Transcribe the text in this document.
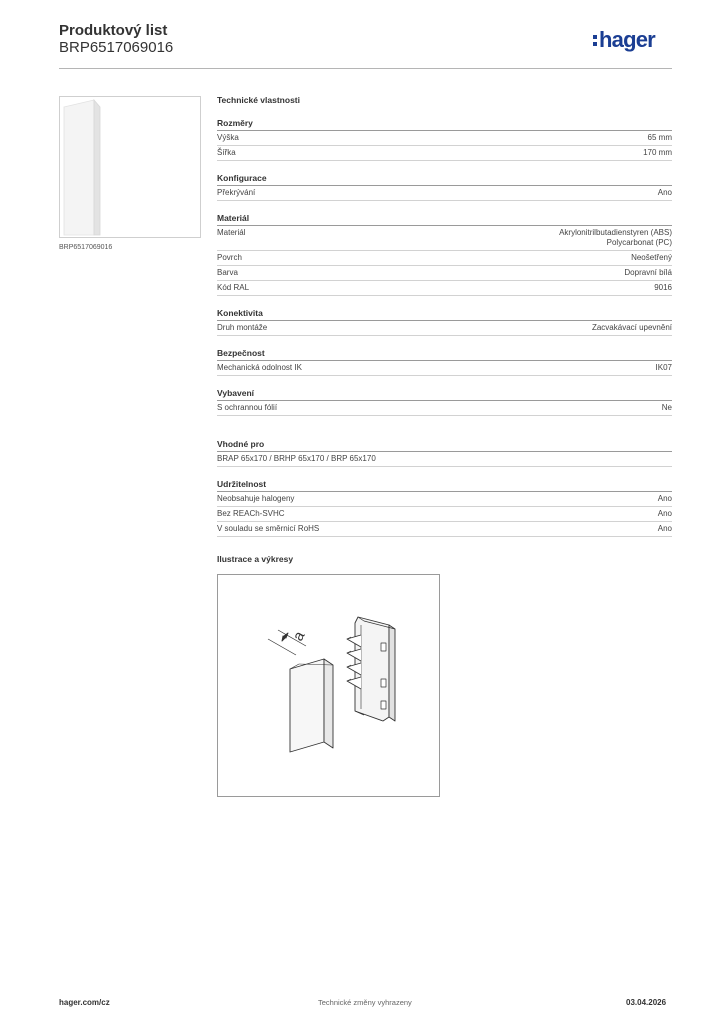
Produktový list
BRP6517069016	hager
BRP6517069016
Technické vlastnosti
Rozměry
Výška	65 mm
Šířka	170 mm
Konfigurace
Překrývání	Ano
Materiál
Materiál	Akrylonitrilbutadienstyren (ABS)
Polycarbonat (PC)
Povrch	Neošetřený
Barva	Dopravní bílá
Kód RAL	9016
Konektivita
Druh montáže	Zacvakávací upevnění
Bezpečnost
Mechanická odolnost IK	IK07
Vybavení
S ochrannou fólií	Ne
Vhodné pro
BRAP 65x170 / BRHP 65x170 / BRP 65x170
Udržitelnost
Neobsahuje halogeny	Ano
Bez REACh-SVHC	Ano
V souladu se směrnicí RoHS	Ano
Ilustrace a výkresy
a
hager.com/cz	Technické změny vyhrazeny	03.04.2026
